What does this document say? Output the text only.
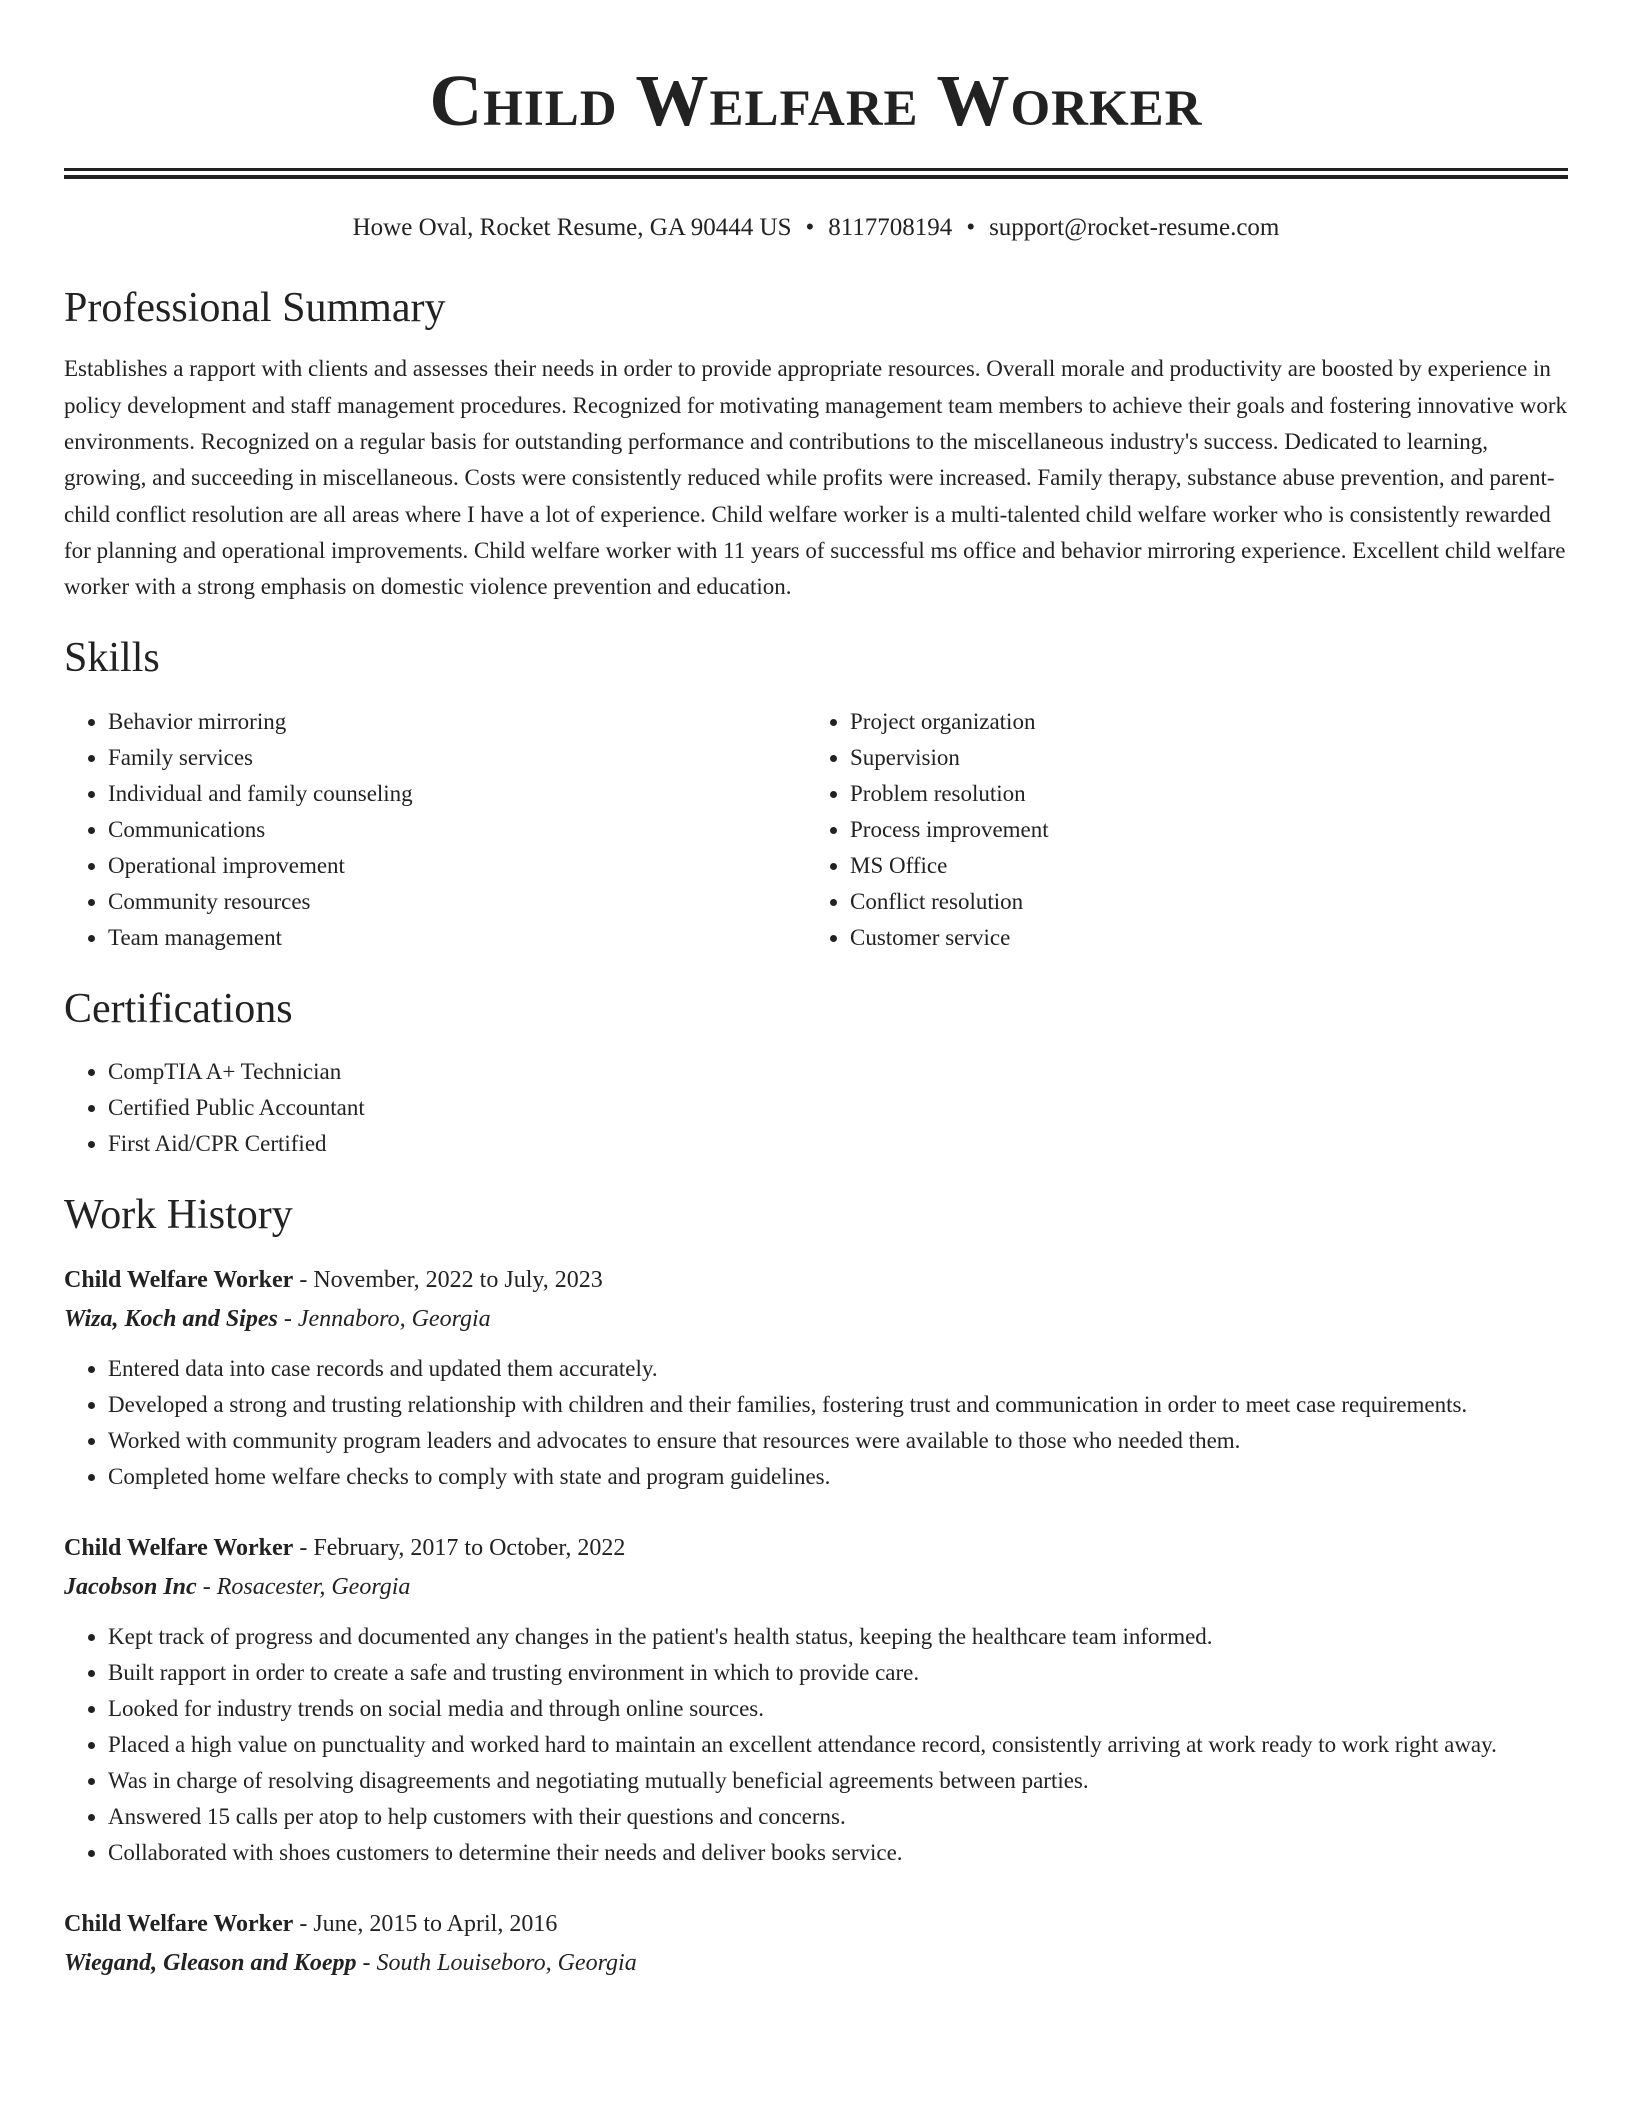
Child Welfare Worker
Howe Oval, Rocket Resume, GA 90444 US • 8117708194 • support@rocket-resume.com
Professional Summary

Establishes a rapport with clients and assesses their needs in order to provide appropriate resources. Overall morale and productivity are boosted by experience in policy development and staff management procedures. Recognized for motivating management team members to achieve their goals and fostering innovative work environments. Recognized on a regular basis for outstanding performance and contributions to the miscellaneous industry's success. Dedicated to learning, growing, and succeeding in miscellaneous. Costs were consistently reduced while profits were increased. Family therapy, substance abuse prevention, and parent-child conflict resolution are all areas where I have a lot of experience. Child welfare worker is a multi-talented child welfare worker who is consistently rewarded for planning and operational improvements. Child welfare worker with 11 years of successful ms office and behavior mirroring experience. Excellent child welfare worker with a strong emphasis on domestic violence prevention and education.

Skills
• Behavior mirroring
• Family services
• Individual and family counseling
• Communications
• Operational improvement
• Community resources
• Team management
• Project organization
• Supervision
• Problem resolution
• Process improvement
• MS Office
• Conflict resolution
• Customer service
Certifications
• CompTIA A+ Technician
• Certified Public Accountant
• First Aid/CPR Certified
Work History
Child Welfare Worker - November, 2022 to July, 2023
Wiza, Koch and Sipes - Jennaboro, Georgia
• Entered data into case records and updated them accurately.
• Developed a strong and trusting relationship with children and their families, fostering trust and communication in order to meet case requirements.
• Worked with community program leaders and advocates to ensure that resources were available to those who needed them.
• Completed home welfare checks to comply with state and program guidelines.
Child Welfare Worker - February, 2017 to October, 2022
Jacobson Inc - Rosacester, Georgia
• Kept track of progress and documented any changes in the patient's health status, keeping the healthcare team informed.
• Built rapport in order to create a safe and trusting environment in which to provide care.
• Looked for industry trends on social media and through online sources.
• Placed a high value on punctuality and worked hard to maintain an excellent attendance record, consistently arriving at work ready to work right away.
• Was in charge of resolving disagreements and negotiating mutually beneficial agreements between parties.
• Answered 15 calls per atop to help customers with their questions and concerns.
• Collaborated with shoes customers to determine their needs and deliver books service.
Child Welfare Worker - June, 2015 to April, 2016
Wiegand, Gleason and Koepp - South Louiseboro, Georgia
